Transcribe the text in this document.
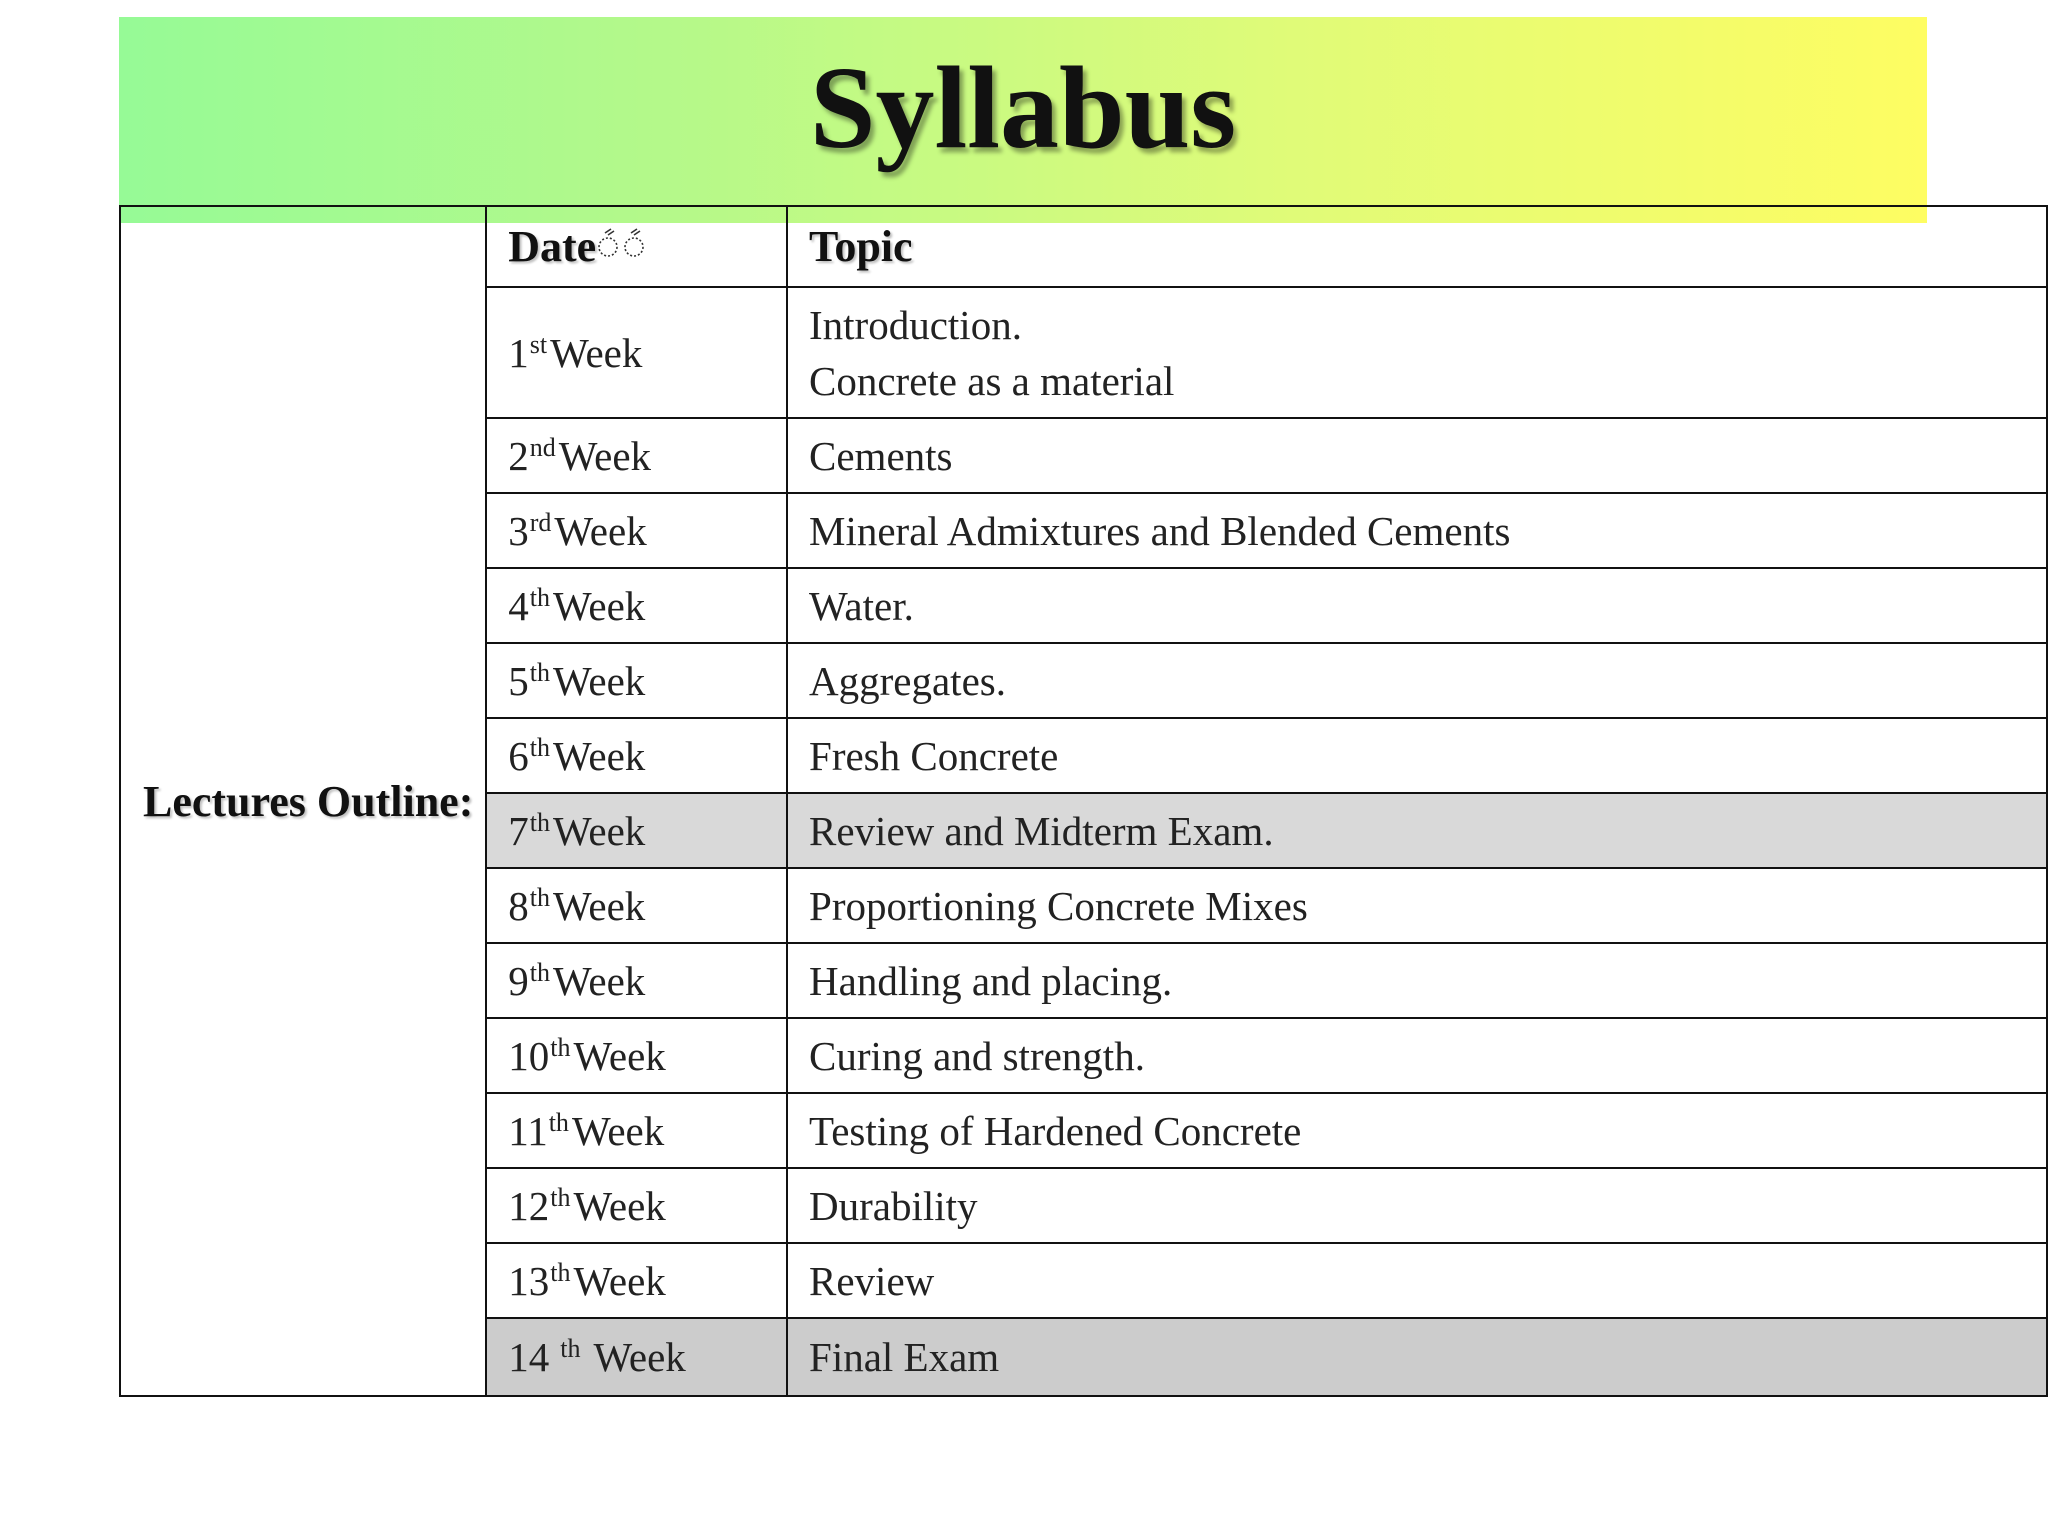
Syllabus
Lectures Outline:	Date	Topic
	1stWeek	Introduction.
Concrete as a material

	2ndWeek	Cements
	3rdWeek	Mineral Admixtures and Blended Cements
	4thWeek	Water.
	5thWeek	Aggregates.
	6thWeek	Fresh Concrete
	7thWeek	Review and Midterm Exam.
	8thWeek	Proportioning Concrete Mixes
	9thWeek	Handling and placing.
	10thWeek	Curing and strength.
	11thWeek	Testing of Hardened Concrete
	12thWeek	Durability
	13thWeek	Review
	14 $^{th}$ Week	Final Exam
